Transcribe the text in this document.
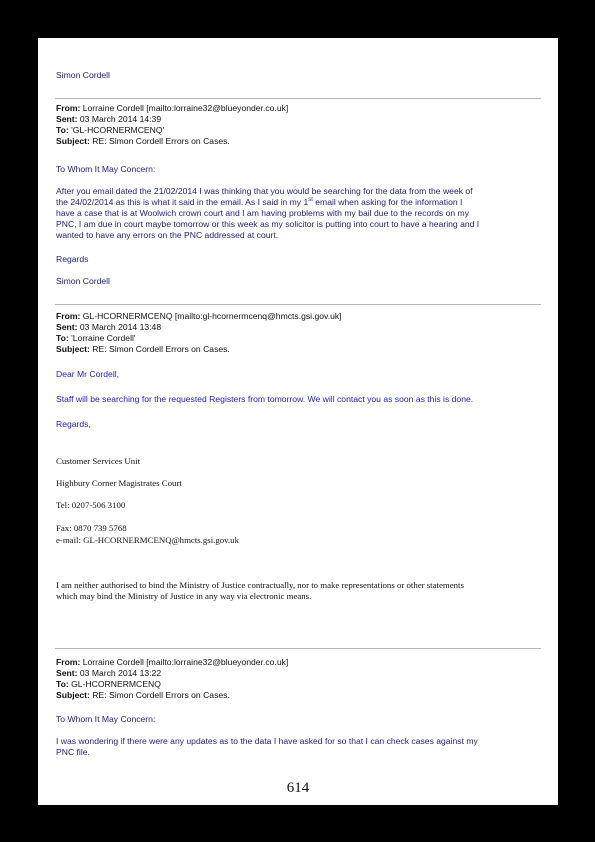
Simon Cordell
From: Lorraine Cordell [mailto:lorraine32@blueyonder.co.uk]
Sent: 03 March 2014 14:39
To: 'GL-HCORNERMCENQ'
Subject: RE: Simon Cordell Errors on Cases.
To Whom It May Concern:
After you email dated the 21/02/2014 I was thinking that you would be searching for the data from the week of
the 24/02/2014 as this is what it said in the email. As I said in my 1st email when asking for the information I
have a case that is at Woolwich crown court and I am having problems with my bail due to the records on my
PNC, I am due in court maybe tomorrow or this week as my solicitor is putting into court to have a hearing and I
wanted to have any errors on the PNC addressed at court.
Regards
Simon Cordell
From: GL-HCORNERMCENQ [mailto:gl-hcornermcenq@hmcts.gsi.gov.uk]
Sent: 03 March 2014 13:48
To: 'Lorraine Cordell'
Subject: RE: Simon Cordell Errors on Cases.
Dear Mr Cordell,
Staff will be searching for the requested Registers from tomorrow. We will contact you as soon as this is done.
Regards,
Customer Services Unit
Highbury Corner Magistrates Court
Tel: 0207-506 3100
Fax: 0870 739 5768
e-mail: GL-HCORNERMCENQ@hmcts.gsi.gov.uk
I am neither authorised to bind the Ministry of Justice contractually, nor to make representations or other statements
which may bind the Ministry of Justice in any way via electronic means.
From: Lorraine Cordell [mailto:lorraine32@blueyonder.co.uk]
Sent: 03 March 2014 13:22
To: GL-HCORNERMCENQ
Subject: RE: Simon Cordell Errors on Cases.
To Whom It May Concern:
I was wondering if there were any updates as to the data I have asked for so that I can check cases against my
PNC file.
614
